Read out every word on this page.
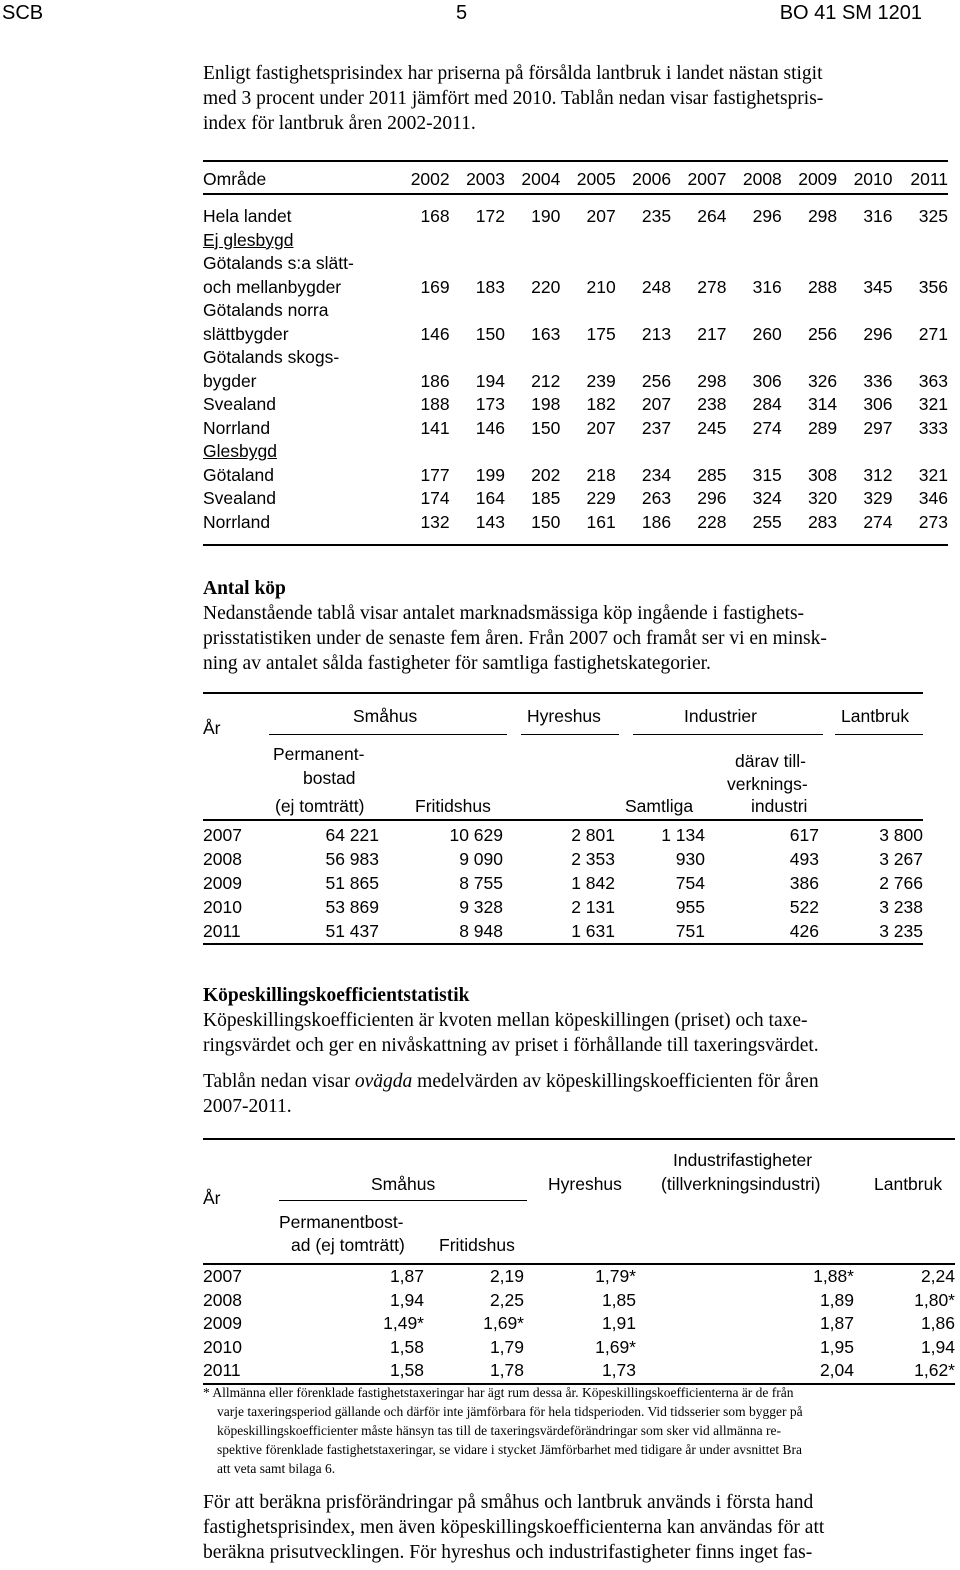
SCB	5	BO 41 SM 1201
Enligt fastighetsprisindex har priserna på försålda lantbruk i landet nästan stigit
med 3 procent under 2011 jämfört med 2010. Tablån nedan visar fastighetspris-
index för lantbruk åren 2002-2011.
Område	2002	2003	2004	2005	2006	2007	2008	2009	2010	2011
Hela landet	168	172	190	207	235	264	296	298	316	325
Ej glesbygd										
Götalands s:a slätt-										
och mellanbygder	169	183	220	210	248	278	316	288	345	356
Götalands norra										
slättbygder	146	150	163	175	213	217	260	256	296	271
Götalands skogs-										
bygder	186	194	212	239	256	298	306	326	336	363
Svealand	188	173	198	182	207	238	284	314	306	321
Norrland	141	146	150	207	237	245	274	289	297	333
Glesbygd										
Götaland	177	199	202	218	234	285	315	308	312	321
Svealand	174	164	185	229	263	296	324	320	329	346
Norrland	132	143	150	161	186	228	255	283	274	273
Antal köp
Nedanstående tablå visar antalet marknadsmässiga köp ingående i fastighets-
prisstatistiken under de senaste fem åren. Från 2007 och framåt ser vi en minsk-
ning av antalet sålda fastigheter för samtliga fastighetskategorier.
År
Småhus	Hyreshus	Industrier	Lantbruk
Permanent-
bostad
(ej tomträtt)	Fritidshus	Samtliga
därav till-
verknings-
industri
2007	64 221	10 629	2 801	1 134	617	3 800
2008	56 983	9 090	2 353	930	493	3 267
2009	51 865	8 755	1 842	754	386	2 766
2010	53 869	9 328	2 131	955	522	3 238
2011	51 437	8 948	1 631	751	426	3 235
Köpeskillingskoefficientstatistik
Köpeskillingskoefficienten är kvoten mellan köpeskillingen (priset) och taxe-
ringsvärdet och ger en nivåskattning av priset i förhållande till taxeringsvärdet.
Tablån nedan visar ovägda medelvärden av köpeskillingskoefficienten för åren
2007-2011.
År
Småhus	Hyreshus
Industrifastigheter
(tillverkningsindustri)	Lantbruk
Permanentbost-
ad (ej tomträtt) Fritidshus
2007	1,87	2,19	1,79*	1,88*	2,24
2008	1,94	2,25	1,85	1,89	1,80*
2009	1,49*	1,69*	1,91	1,87	1,86
2010	1,58	1,79	1,69*	1,95	1,94
2011	1,58	1,78	1,73	2,04	1,62*
* Allmänna eller förenklade fastighetstaxeringar har ägt rum dessa år. Köpeskillingskoefficienterna är de från
varje taxeringsperiod gällande och därför inte jämförbara för hela tidsperioden. Vid tidsserier som bygger på
köpeskillingskoefficienter måste hänsyn tas till de taxeringsvärdeförändringar som sker vid allmänna re-
spektive förenklade fastighetstaxeringar, se vidare i stycket Jämförbarhet med tidigare år under avsnittet Bra
att veta samt bilaga 6.
För att beräkna prisförändringar på småhus och lantbruk används i första hand
fastighetsprisindex, men även köpeskillingskoefficienterna kan användas för att
beräkna prisutvecklingen. För hyreshus och industrifastigheter finns inget fas-
